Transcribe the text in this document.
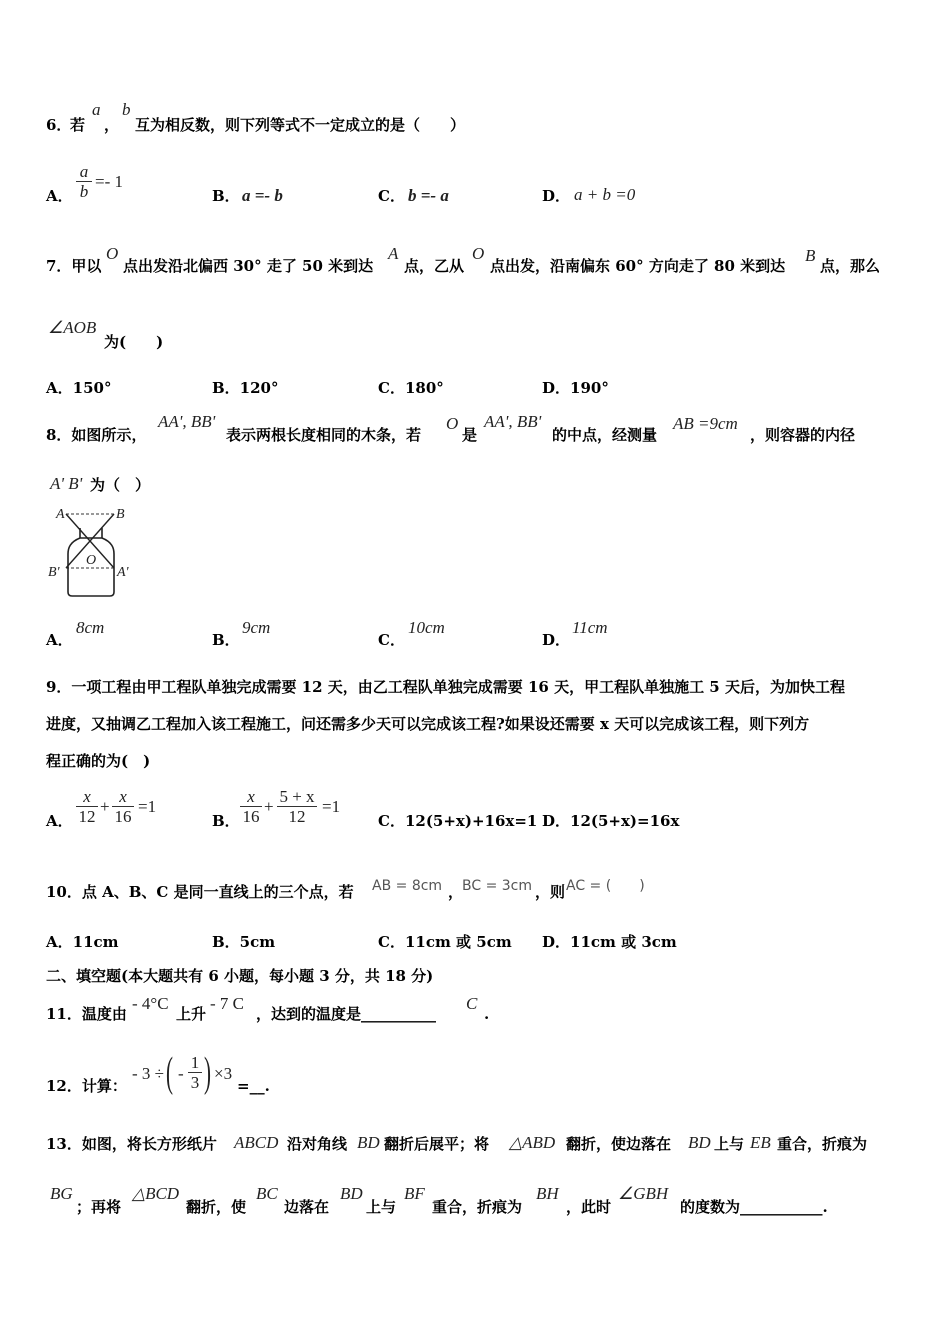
6．
若
a
，
b
互为相反数，则下列等式不一定成立的是（　　）
A．
a
b
=- 1
B． a =- b	C． b =- a	D． a + b =0
7．甲以
O
点出发沿北偏西 30° 走了 50 米到达
A
点，乙从
O
点出发，沿南偏东 60° 方向走了 80 米到达
B
点，那么
∠AOB
为(　　)
A．150°	B．120°	C．180°	D．190°
8．如图所示，
AA', BB'
表示两根长度相同的木条，若
O
是
AA', BB'
的中点，经测量
AB =9cm
，则容器的内径
A' B' 为（　）
A	B
O
B'	A'
A．
8cm
B．
9cm
C．
10cm
D．
11cm
9．一项工程由甲工程队单独完成需要 12 天，由乙工程队单独完成需要 16 天，甲工程队单独施工 5 天后，为加快工程
进度，又抽调乙工程加入该工程施工，问还需多少天可以完成该工程?如果设还需要 x 天可以完成该工程，则下列方
程正确的为(　)
A．
x
12
+
x
16
=1
B．
x
16
+
5 + x
12
=1
C．12(5+x)+16x=1 D．12(5+x)=16x
10．点 A、B、C 是同一直线上的三个点，若 AB = 8cm ，
BC = 3cm ，则 AC = (　　)
A．11cm	B．5cm	C．11cm 或 5cm D．11cm 或 3cm
二、填空题(本大题共有 6 小题，每小题 3 分，共 18 分)
11．温度由
- 4°C
上升
- 7 C
，达到的温度是__________
C
.
12．计算：
- 3 ÷ ( -
1
3 ) ×3
=__.
13．如图，将长方形纸片 ABCD 沿对角线 BD 翻折后展平；将 △ABD 翻折，使边落在 BD 上与 EB 重合，折痕为
BG
；再将
△BCD
翻折，使
BC
边落在
BD
上与
BF
重合，折痕为
BH
，此时
∠GBH
的度数为___________.
